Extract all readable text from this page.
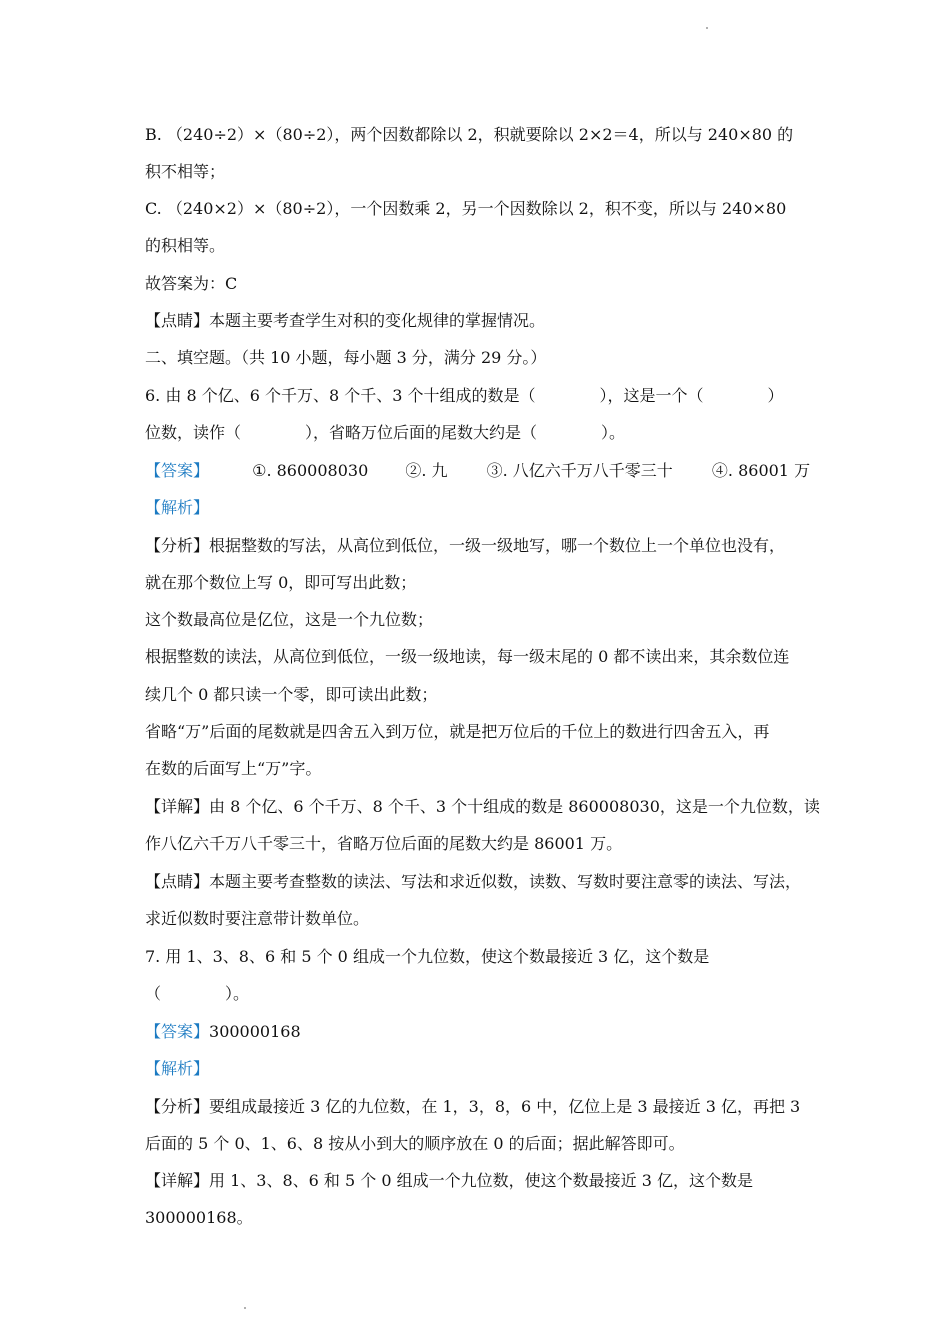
B. （240÷2）×（80÷2），两个因数都除以 2，积就要除以 2×2＝4，所以与 240×80 的
积不相等；
C. （240×2）×（80÷2），一个因数乘 2，另一个因数除以 2，积不变，所以与 240×80
的积相等。
故答案为：C
【点睛】本题主要考查学生对积的变化规律的掌握情况。
二、填空题。（共 10 小题，每小题 3 分，满分 29 分。）
6. 由 8 个亿、6 个千万、8 个千、3 个十组成的数是（　　　　），这是一个（　　　　）
位数，读作（　　　　），省略万位后面的尾数大约是（　　　　）。
【答案】	①. 860008030 ②. 九 ③. 八亿六千万八千零三十 ④. 86001 万
【解析】
【分析】根据整数的写法，从高位到低位，一级一级地写，哪一个数位上一个单位也没有，
就在那个数位上写 0，即可写出此数；
这个数最高位是亿位，这是一个九位数；
根据整数的读法，从高位到低位，一级一级地读，每一级末尾的 0 都不读出来，其余数位连
续几个 0 都只读一个零，即可读出此数；
省略“万”后面的尾数就是四舍五入到万位，就是把万位后的千位上的数进行四舍五入，再
在数的后面写上“万”字。
【详解】由 8 个亿、6 个千万、8 个千、3 个十组成的数是 860008030，这是一个九位数，读
作八亿六千万八千零三十，省略万位后面的尾数大约是 86001 万。
【点睛】本题主要考查整数的读法、写法和求近似数，读数、写数时要注意零的读法、写法，
求近似数时要注意带计数单位。
7. 用 1、3、8、6 和 5 个 0 组成一个九位数，使这个数最接近 3 亿，这个数是
（　　　　）。
【答案】300000168
【解析】
【分析】要组成最接近 3 亿的九位数，在 1，3，8，6 中，亿位上是 3 最接近 3 亿，再把 3
后面的 5 个 0、1、6、8 按从小到大的顺序放在 0 的后面；据此解答即可。
【详解】用 1、3、8、6 和 5 个 0 组成一个九位数，使这个数最接近 3 亿，这个数是
300000168。
